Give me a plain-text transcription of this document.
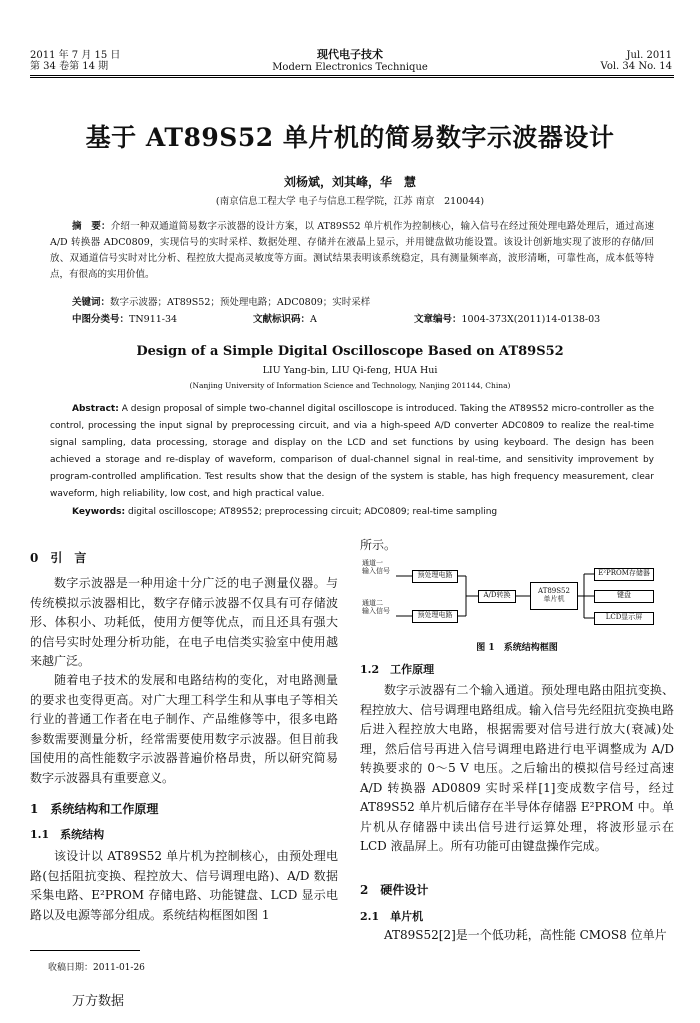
2011 年 7 月 15 日
第 34 卷第 14 期
现代电子技术
Modern Electronics Technique
Jul. 2011
Vol. 34 No. 14
基于 AT89S52 单片机的简易数字示波器设计
刘杨斌，刘其峰，华　慧
(南京信息工程大学 电子与信息工程学院，江苏 南京　210044)
摘　要：介绍一种双通道简易数字示波器的设计方案，以 AT89S52 单片机作为控制核心，输入信号在经过预处理电路处理后，通过高速 A/D 转换器 ADC0809，实现信号的实时采样、数据处理、存储并在液晶上显示，并用键盘做功能设置。该设计创新地实现了波形的存储/回放、双通道信号实时对比分析、程控放大提高灵敏度等方面。测试结果表明该系统稳定，具有测量频率高，波形清晰，可靠性高，成本低等特点，有很高的实用价值。
关键词：数字示波器；AT89S52；预处理电路；ADC0809；实时采样
中图分类号：TN911-34	文献标识码：A	文章编号：1004-373X(2011)14-0138-03
Design of a Simple Digital Oscilloscope Based on AT89S52
LIU Yang-bin, LIU Qi-feng, HUA Hui
(Nanjing University of Information Science and Technology, Nanjing 201144, China)
Abstract: A design proposal of simple two-channel digital oscilloscope is introduced. Taking the AT89S52 micro-controller as the control, processing the input signal by preprocessing circuit, and via a high-speed A/D converter ADC0809 to realize the real-time signal sampling, data processing, storage and display on the LCD and set functions by using keyboard. The design has been achieved a storage and re-display of waveform, comparison of dual-channel signal in real-time, and sensitivity improvement by program-controlled amplification. Test results show that the design of the system is stable, has high frequency measurement, clear waveform, high reliability, low cost, and high practical value.
Keywords: digital oscilloscope; AT89S52; preprocessing circuit; ADC0809; real-time sampling
0　引　言
数字示波器是一种用途十分广泛的电子测量仪器。与传统模拟示波器相比，数字存储示波器不仅具有可存储波形、体积小、功耗低，使用方便等优点，而且还具有强大的信号实时处理分析功能，在电子电信类实验室中使用越来越广泛。
随着电子技术的发展和电路结构的变化，对电路测量的要求也变得更高。对广大理工科学生和从事电子等相关行业的普通工作者在电子制作、产品维修等中，很多电路参数需要测量分析，经常需要使用数字示波器。但目前我国使用的高性能数字示波器普遍价格昂贵，所以研究简易数字示波器具有重要意义。
1　系统结构和工作原理
1.1　系统结构
该设计以 AT89S52 单片机为控制核心，由预处理电路(包括阻抗变换、程控放大、信号调理电路)、A/D 数据采集电路、E²PROM 存储电路、功能键盘、LCD 显示电路以及电源等部分组成。系统结构框图如图 1
收稿日期：2011-01-26
所示。
通道一
输入信号
通道二
输入信号
预处理电路
预处理电路
A/D转换	AT89S52
单片机
E²PROM存储器
键盘
LCD显示屏
图 1　系统结构框图
1.2　工作原理
数字示波器有二个输入通道。预处理电路由阻抗变换、程控放大、信号调理电路组成。输入信号先经阻抗变换电路后进入程控放大电路，根据需要对信号进行放大(衰减)处理，然后信号再进入信号调理电路进行电平调整成为 A/D 转换要求的 0～5 V 电压。之后输出的模拟信号经过高速 A/D 转换器 AD0809 实时采样[1]变成数字信号，经过 AT89S52 单片机后储存在半导体存储器 E²PROM 中。单片机从存储器中读出信号进行运算处理，将波形显示在 LCD 液晶屏上。所有功能可由键盘操作完成。
2　硬件设计
2.1　单片机
AT89S52[2]是一个低功耗，高性能 CMOS8 位单片
万方数据
